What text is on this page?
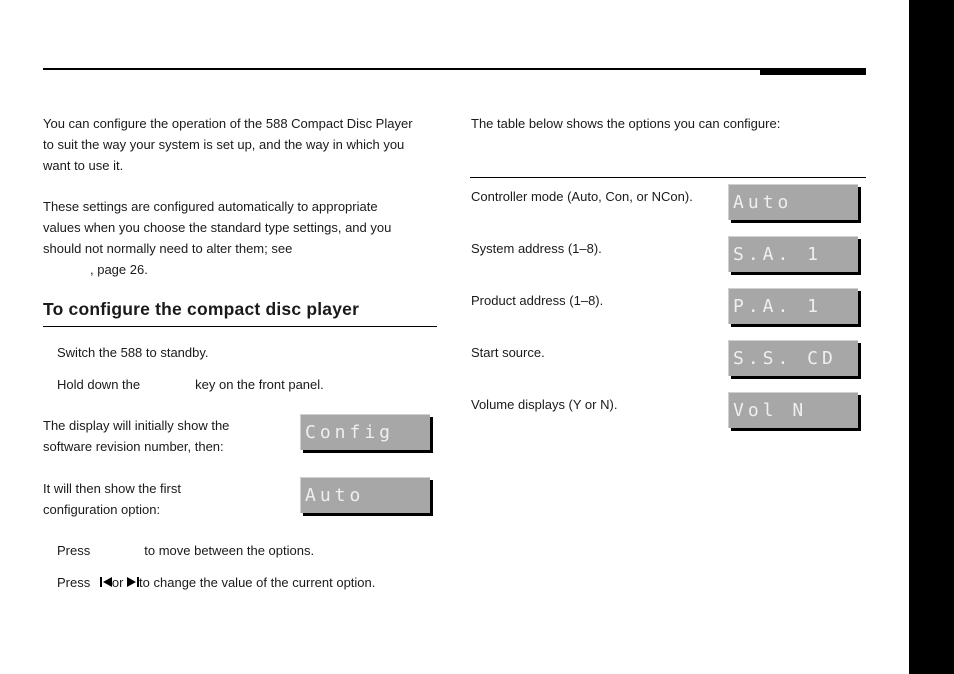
You can configure the operation of the 588 Compact Disc Player
to suit the way your system is set up, and the way in which you
want to use it.

These settings are configured automatically to appropriate
values when you choose the standard type settings, and you
should not normally need to alter them; see
, page 26.

To configure the compact disc player

Switch the 588 to standby.

Hold down the	key on the front panel.

The display will initially show the
software revision number, then:

Config

It will then show the first
configuration option:

Auto

Press	to move between the options.

Press or to change the value of the current option.

The table below shows the options you can configure:

Controller mode (Auto, Con, or NCon). Auto

System address (1–8).	S.A. 1

Product address (1–8).	P.A. 1

Start source.	S.S. CD

Volume displays (Y or N).	Vol N
